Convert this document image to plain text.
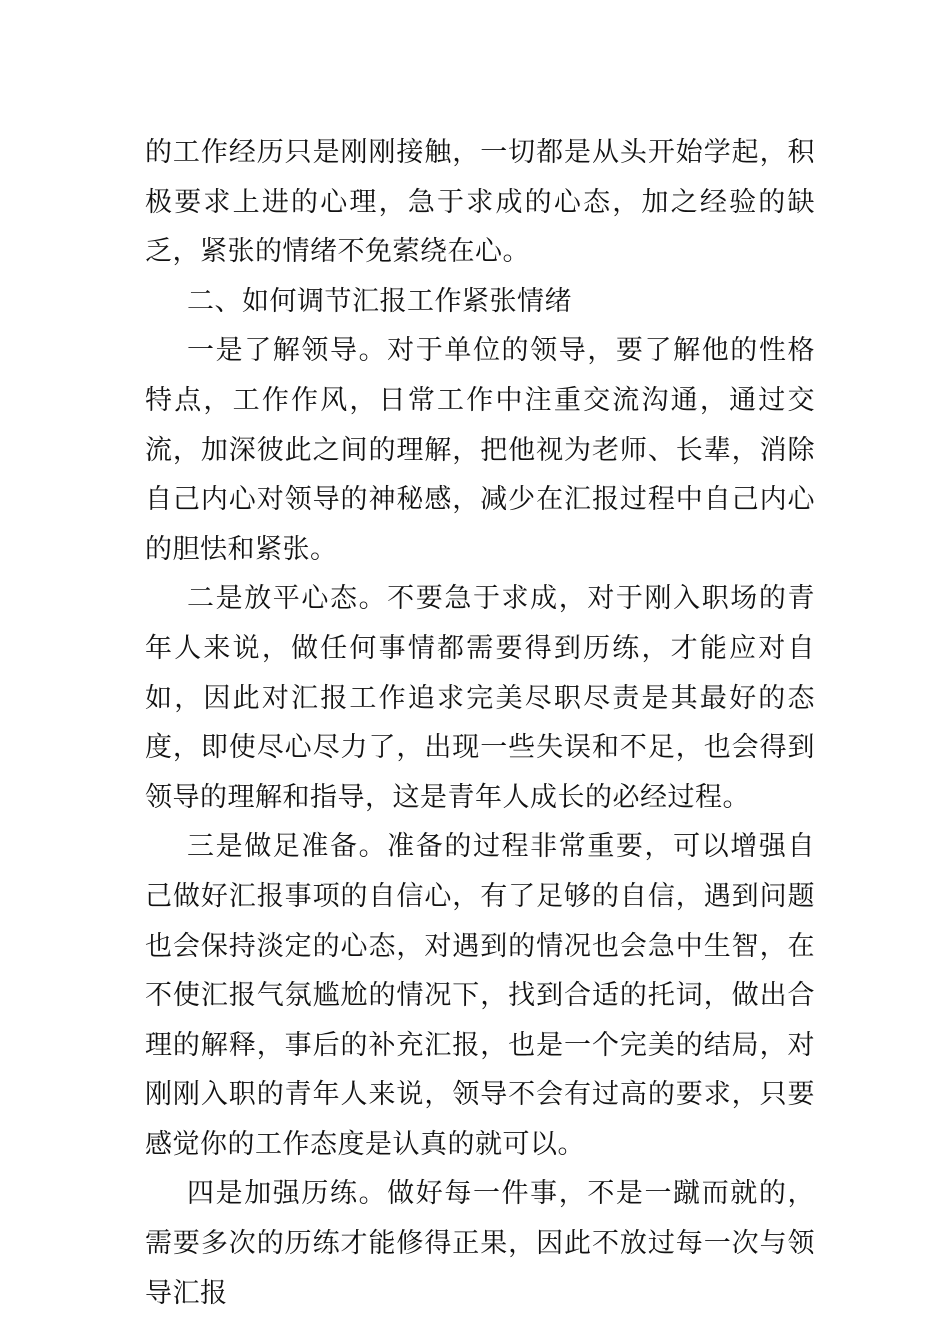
的工作经历只是刚刚接触，一切都是从头开始学起，积极要求上进的心理，急于求成的心态，加之经验的缺乏，紧张的情绪不免萦绕在心。

二、如何调节汇报工作紧张情绪

一是了解领导。对于单位的领导，要了解他的性格特点，工作作风，日常工作中注重交流沟通，通过交流，加深彼此之间的理解，把他视为老师、长辈，消除自己内心对领导的神秘感，减少在汇报过程中自己内心的胆怯和紧张。

二是放平心态。不要急于求成，对于刚入职场的青年人来说，做任何事情都需要得到历练，才能应对自如，因此对汇报工作追求完美尽职尽责是其最好的态度，即使尽心尽力了，出现一些失误和不足，也会得到领导的理解和指导，这是青年人成长的必经过程。

三是做足准备。准备的过程非常重要，可以增强自己做好汇报事项的自信心，有了足够的自信，遇到问题也会保持淡定的心态，对遇到的情况也会急中生智，在不使汇报气氛尴尬的情况下，找到合适的托词，做出合理的解释，事后的补充汇报，也是一个完美的结局，对刚刚入职的青年人来说，领导不会有过高的要求，只要感觉你的工作态度是认真的就可以。

四是加强历练。做好每一件事，不是一蹴而就的，需要多次的历练才能修得正果，因此不放过每一次与领导汇报
